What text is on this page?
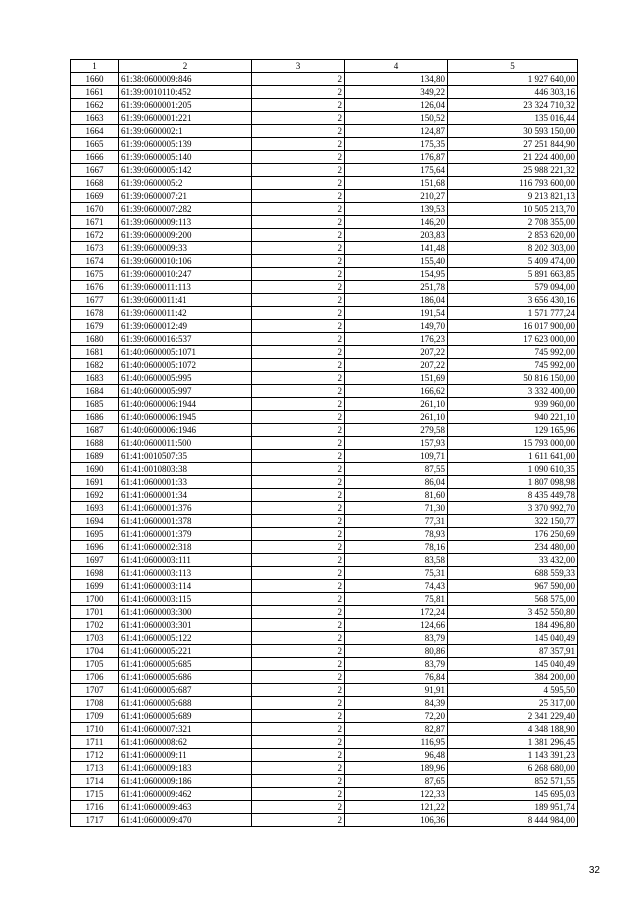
1	2	3	4	5
1660	61:38:0600009:846	2	134,80	1 927 640,00
1661	61:39:0010110:452	2	349,22	446 303,16
1662	61:39:0600001:205	2	126,04	23 324 710,32
1663	61:39:0600001:221	2	150,52	135 016,44
1664	61:39:0600002:1	2	124,87	30 593 150,00
1665	61:39:0600005:139	2	175,35	27 251 844,90
1666	61:39:0600005:140	2	176,87	21 224 400,00
1667	61:39:0600005:142	2	175,64	25 988 221,32
1668	61:39:0600005:2	2	151,68	116 793 600,00
1669	61:39:0600007:21	2	210,27	9 213 821,13
1670	61:39:0600007:282	2	139,53	10 505 213,70
1671	61:39:0600009:113	2	146,20	2 708 355,00
1672	61:39:0600009:200	2	203,83	2 853 620,00
1673	61:39:0600009:33	2	141,48	8 202 303,00
1674	61:39:0600010:106	2	155,40	5 409 474,00
1675	61:39:0600010:247	2	154,95	5 891 663,85
1676	61:39:0600011:113	2	251,78	579 094,00
1677	61:39:0600011:41	2	186,04	3 656 430,16
1678	61:39:0600011:42	2	191,54	1 571 777,24
1679	61:39:0600012:49	2	149,70	16 017 900,00
1680	61:39:0600016:537	2	176,23	17 623 000,00
1681	61:40:0600005:1071	2	207,22	745 992,00
1682	61:40:0600005:1072	2	207,22	745 992,00
1683	61:40:0600005:995	2	151,69	50 816 150,00
1684	61:40:0600005:997	2	166,62	3 332 400,00
1685	61:40:0600006:1944	2	261,10	939 960,00
1686	61:40:0600006:1945	2	261,10	940 221,10
1687	61:40:0600006:1946	2	279,58	129 165,96
1688	61:40:0600011:500	2	157,93	15 793 000,00
1689	61:41:0010507:35	2	109,71	1 611 641,00
1690	61:41:0010803:38	2	87,55	1 090 610,35
1691	61:41:0600001:33	2	86,04	1 807 098,98
1692	61:41:0600001:34	2	81,60	8 435 449,78
1693	61:41:0600001:376	2	71,30	3 370 992,70
1694	61:41:0600001:378	2	77,31	322 150,77
1695	61:41:0600001:379	2	78,93	176 250,69
1696	61:41:0600002:318	2	78,16	234 480,00
1697	61:41:0600003:111	2	83,58	33 432,00
1698	61:41:0600003:113	2	75,31	688 559,33
1699	61:41:0600003:114	2	74,43	967 590,00
1700	61:41:0600003:115	2	75,81	568 575,00
1701	61:41:0600003:300	2	172,24	3 452 550,80
1702	61:41:0600003:301	2	124,66	184 496,80
1703	61:41:0600005:122	2	83,79	145 040,49
1704	61:41:0600005:221	2	80,86	87 357,91
1705	61:41:0600005:685	2	83,79	145 040,49
1706	61:41:0600005:686	2	76,84	384 200,00
1707	61:41:0600005:687	2	91,91	4 595,50
1708	61:41:0600005:688	2	84,39	25 317,00
1709	61:41:0600005:689	2	72,20	2 341 229,40
1710	61:41:0600007:321	2	82,87	4 348 188,90
1711	61:41:0600008:62	2	116,95	1 381 296,45
1712	61:41:0600009:11	2	96,48	1 143 391,23
1713	61:41:0600009:183	2	189,96	6 268 680,00
1714	61:41:0600009:186	2	87,65	852 571,55
1715	61:41:0600009:462	2	122,33	145 695,03
1716	61:41:0600009:463	2	121,22	189 951,74
1717	61:41:0600009:470	2	106,36	8 444 984,00
32
